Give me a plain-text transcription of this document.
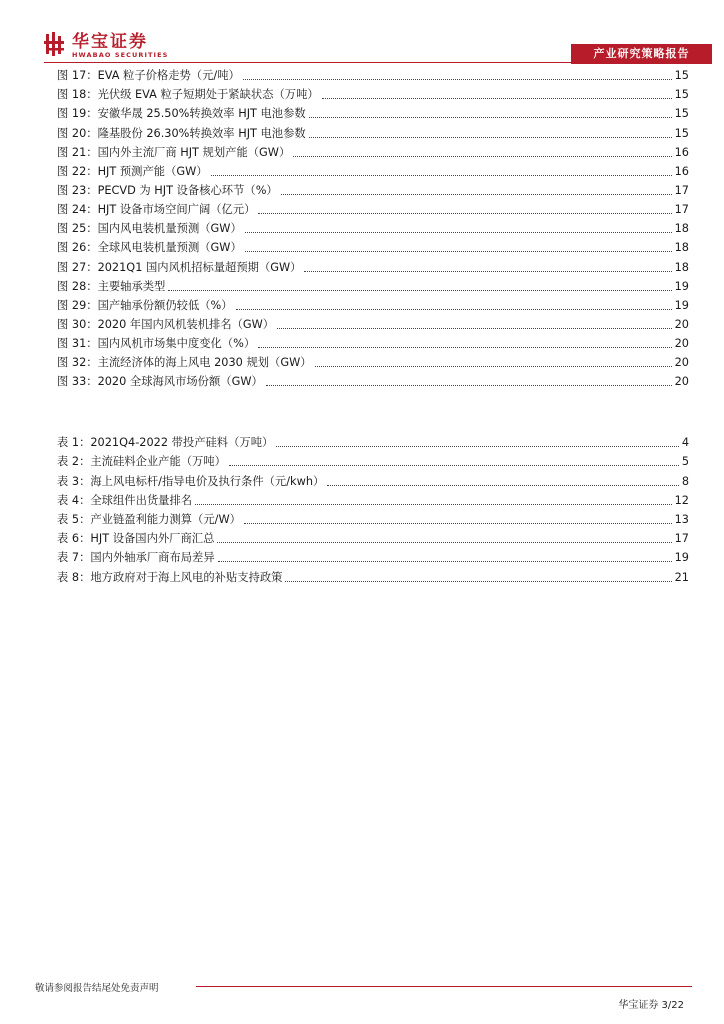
华宝证券
HWABAO SECURITIES	产业研究策略报告
图 17： EVA 粒子价格走势（元/吨）	15
图 18： 光伏级 EVA 粒子短期处于紧缺状态（万吨）	15
图 19： 安徽华晟 25.50%转换效率 HJT 电池参数	15
图 20： 隆基股份 26.30%转换效率 HJT 电池参数	15
图 21： 国内外主流厂商 HJT 规划产能（GW）	16
图 22： HJT 预测产能（GW）	16
图 23： PECVD 为 HJT 设备核心环节（%）	17
图 24： HJT 设备市场空间广阔（亿元）	17
图 25： 国内风电装机量预测（GW）	18
图 26： 全球风电装机量预测（GW）	18
图 27： 2021Q1 国内风机招标量超预期（GW）	18
图 28： 主要轴承类型	19
图 29： 国产轴承份额仍较低（%）	19
图 30： 2020 年国内风机装机排名（GW）	20
图 31： 国内风机市场集中度变化（%）	20
图 32： 主流经济体的海上风电 2030 规划（GW）	20
图 33： 2020 全球海风市场份额（GW）	20
表 1： 2021Q4-2022 带投产硅料（万吨）	4
表 2： 主流硅料企业产能（万吨）	5
表 3： 海上风电标杆/指导电价及执行条件（元/kwh）	8
表 4： 全球组件出货量排名	12
表 5： 产业链盈利能力测算（元/W）	13
表 6： HJT 设备国内外厂商汇总	17
表 7： 国内外轴承厂商布局差异	19
表 8： 地方政府对于海上风电的补贴支持政策	21
敬请参阅报告结尾处免责声明
华宝证券 3/22
